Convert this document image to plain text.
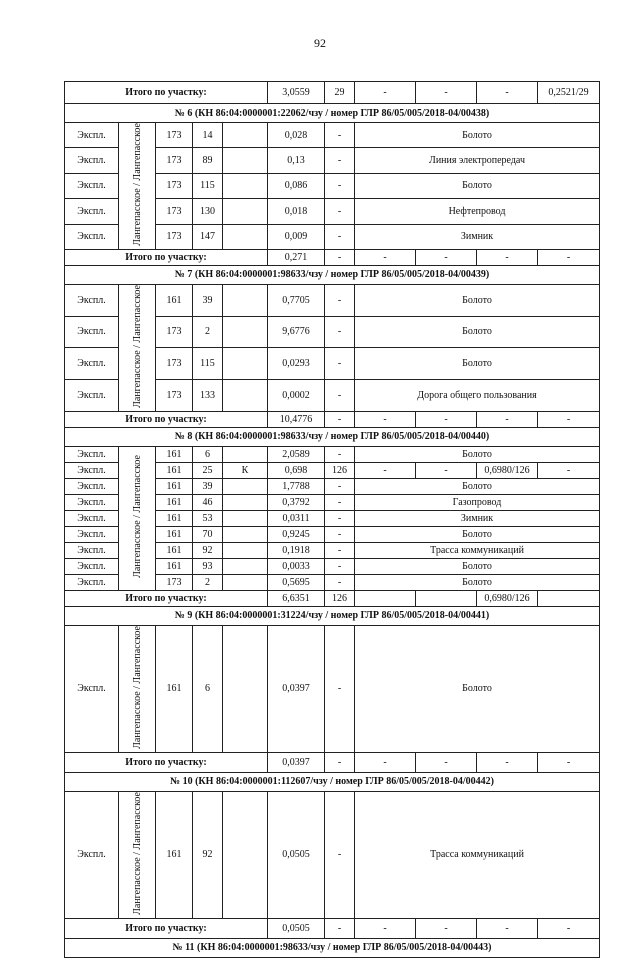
92
Итого по участку:					3,0559	29	-	-	-	0,2521/29
№ 6 (КН 86:04:0000001:22062/чзу / номер ГЛР 86/05/005/2018-04/00438)										
Экспл.	Лангепасское / Лангепасское	173	14		0,028	-	Болото			
Экспл.		173	89		0,13	-	Линия электропередач			
Экспл.		173	115		0,086	-	Болото			
Экспл.		173	130		0,018	-	Нефтепровод			
Экспл.		173	147		0,009	-	Зимник			
Итого по участку:					0,271	-	-	-	-	-
№ 7 (КН 86:04:0000001:98633/чзу / номер ГЛР 86/05/005/2018-04/00439)										
Экспл.	Лангепасское / Лангепасское	161	39		0,7705	-	Болото			
Экспл.		173	2		9,6776	-	Болото			
Экспл.		173	115		0,0293	-	Болото			
Экспл.		173	133		0,0002	-	Дорога общего пользования			
Итого по участку:					10,4776	-	-	-	-	-
№ 8 (КН 86:04:0000001:98633/чзу / номер ГЛР 86/05/005/2018-04/00440)										
Экспл.	Лангепасское / Лангепасское	161	6		2,0589	-	Болото			
Экспл.		161	25	К	0,698	126	-	-	0,6980/126	-
Экспл.		161	39		1,7788	-	Болото			
Экспл.		161	46		0,3792	-	Газопровод			
Экспл.		161	53		0,0311	-	Зимник			
Экспл.		161	70		0,9245	-	Болото			
Экспл.		161	92		0,1918	-	Трасса коммуникаций			
Экспл.		161	93		0,0033	-	Болото			
Экспл.		173	2		0,5695	-	Болото			
Итого по участку:					6,6351	126			0,6980/126	
№ 9 (КН 86:04:0000001:31224/чзу / номер ГЛР 86/05/005/2018-04/00441)										
Экспл.	Лангепасское / Лангепасское	161	6		0,0397	-	Болото			
Итого по участку:					0,0397	-	-	-	-	-
№ 10 (КН 86:04:0000001:112607/чзу / номер ГЛР 86/05/005/2018-04/00442)										
Экспл.	Лангепасское / Лангепасское	161	92		0,0505	-	Трасса коммуникаций			
Итого по участку:					0,0505	-	-	-	-	-
№ 11 (КН 86:04:0000001:98633/чзу / номер ГЛР 86/05/005/2018-04/00443)										
